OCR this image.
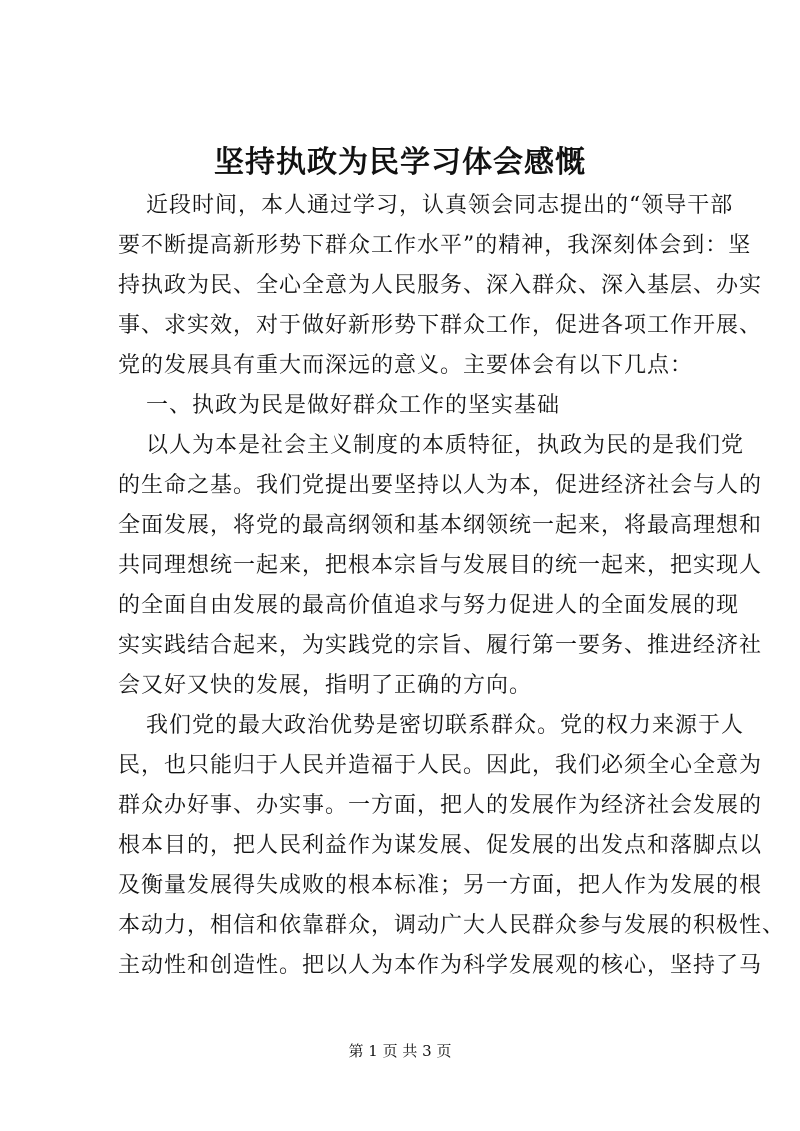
坚持执政为民学习体会感慨
近段时间，本人通过学习，认真领会同志提出的“领导干部
要不断提高新形势下群众工作水平”的精神，我深刻体会到：坚
持执政为民、全心全意为人民服务、深入群众、深入基层、办实
事、求实效，对于做好新形势下群众工作，促进各项工作开展、
党的发展具有重大而深远的意义。主要体会有以下几点：
一、执政为民是做好群众工作的坚实基础
以人为本是社会主义制度的本质特征，执政为民的是我们党
的生命之基。我们党提出要坚持以人为本，促进经济社会与人的
全面发展，将党的最高纲领和基本纲领统一起来，将最高理想和
共同理想统一起来，把根本宗旨与发展目的统一起来，把实现人
的全面自由发展的最高价值追求与努力促进人的全面发展的现
实实践结合起来，为实践党的宗旨、履行第一要务、推进经济社
会又好又快的发展，指明了正确的方向。
我们党的最大政治优势是密切联系群众。党的权力来源于人
民，也只能归于人民并造福于人民。因此，我们必须全心全意为
群众办好事、办实事。一方面，把人的发展作为经济社会发展的
根本目的，把人民利益作为谋发展、促发展的出发点和落脚点以
及衡量发展得失成败的根本标准；另一方面，把人作为发展的根
本动力，相信和依靠群众，调动广大人民群众参与发展的积极性、
主动性和创造性。把以人为本作为科学发展观的核心，坚持了马
第 1 页 共 3 页
